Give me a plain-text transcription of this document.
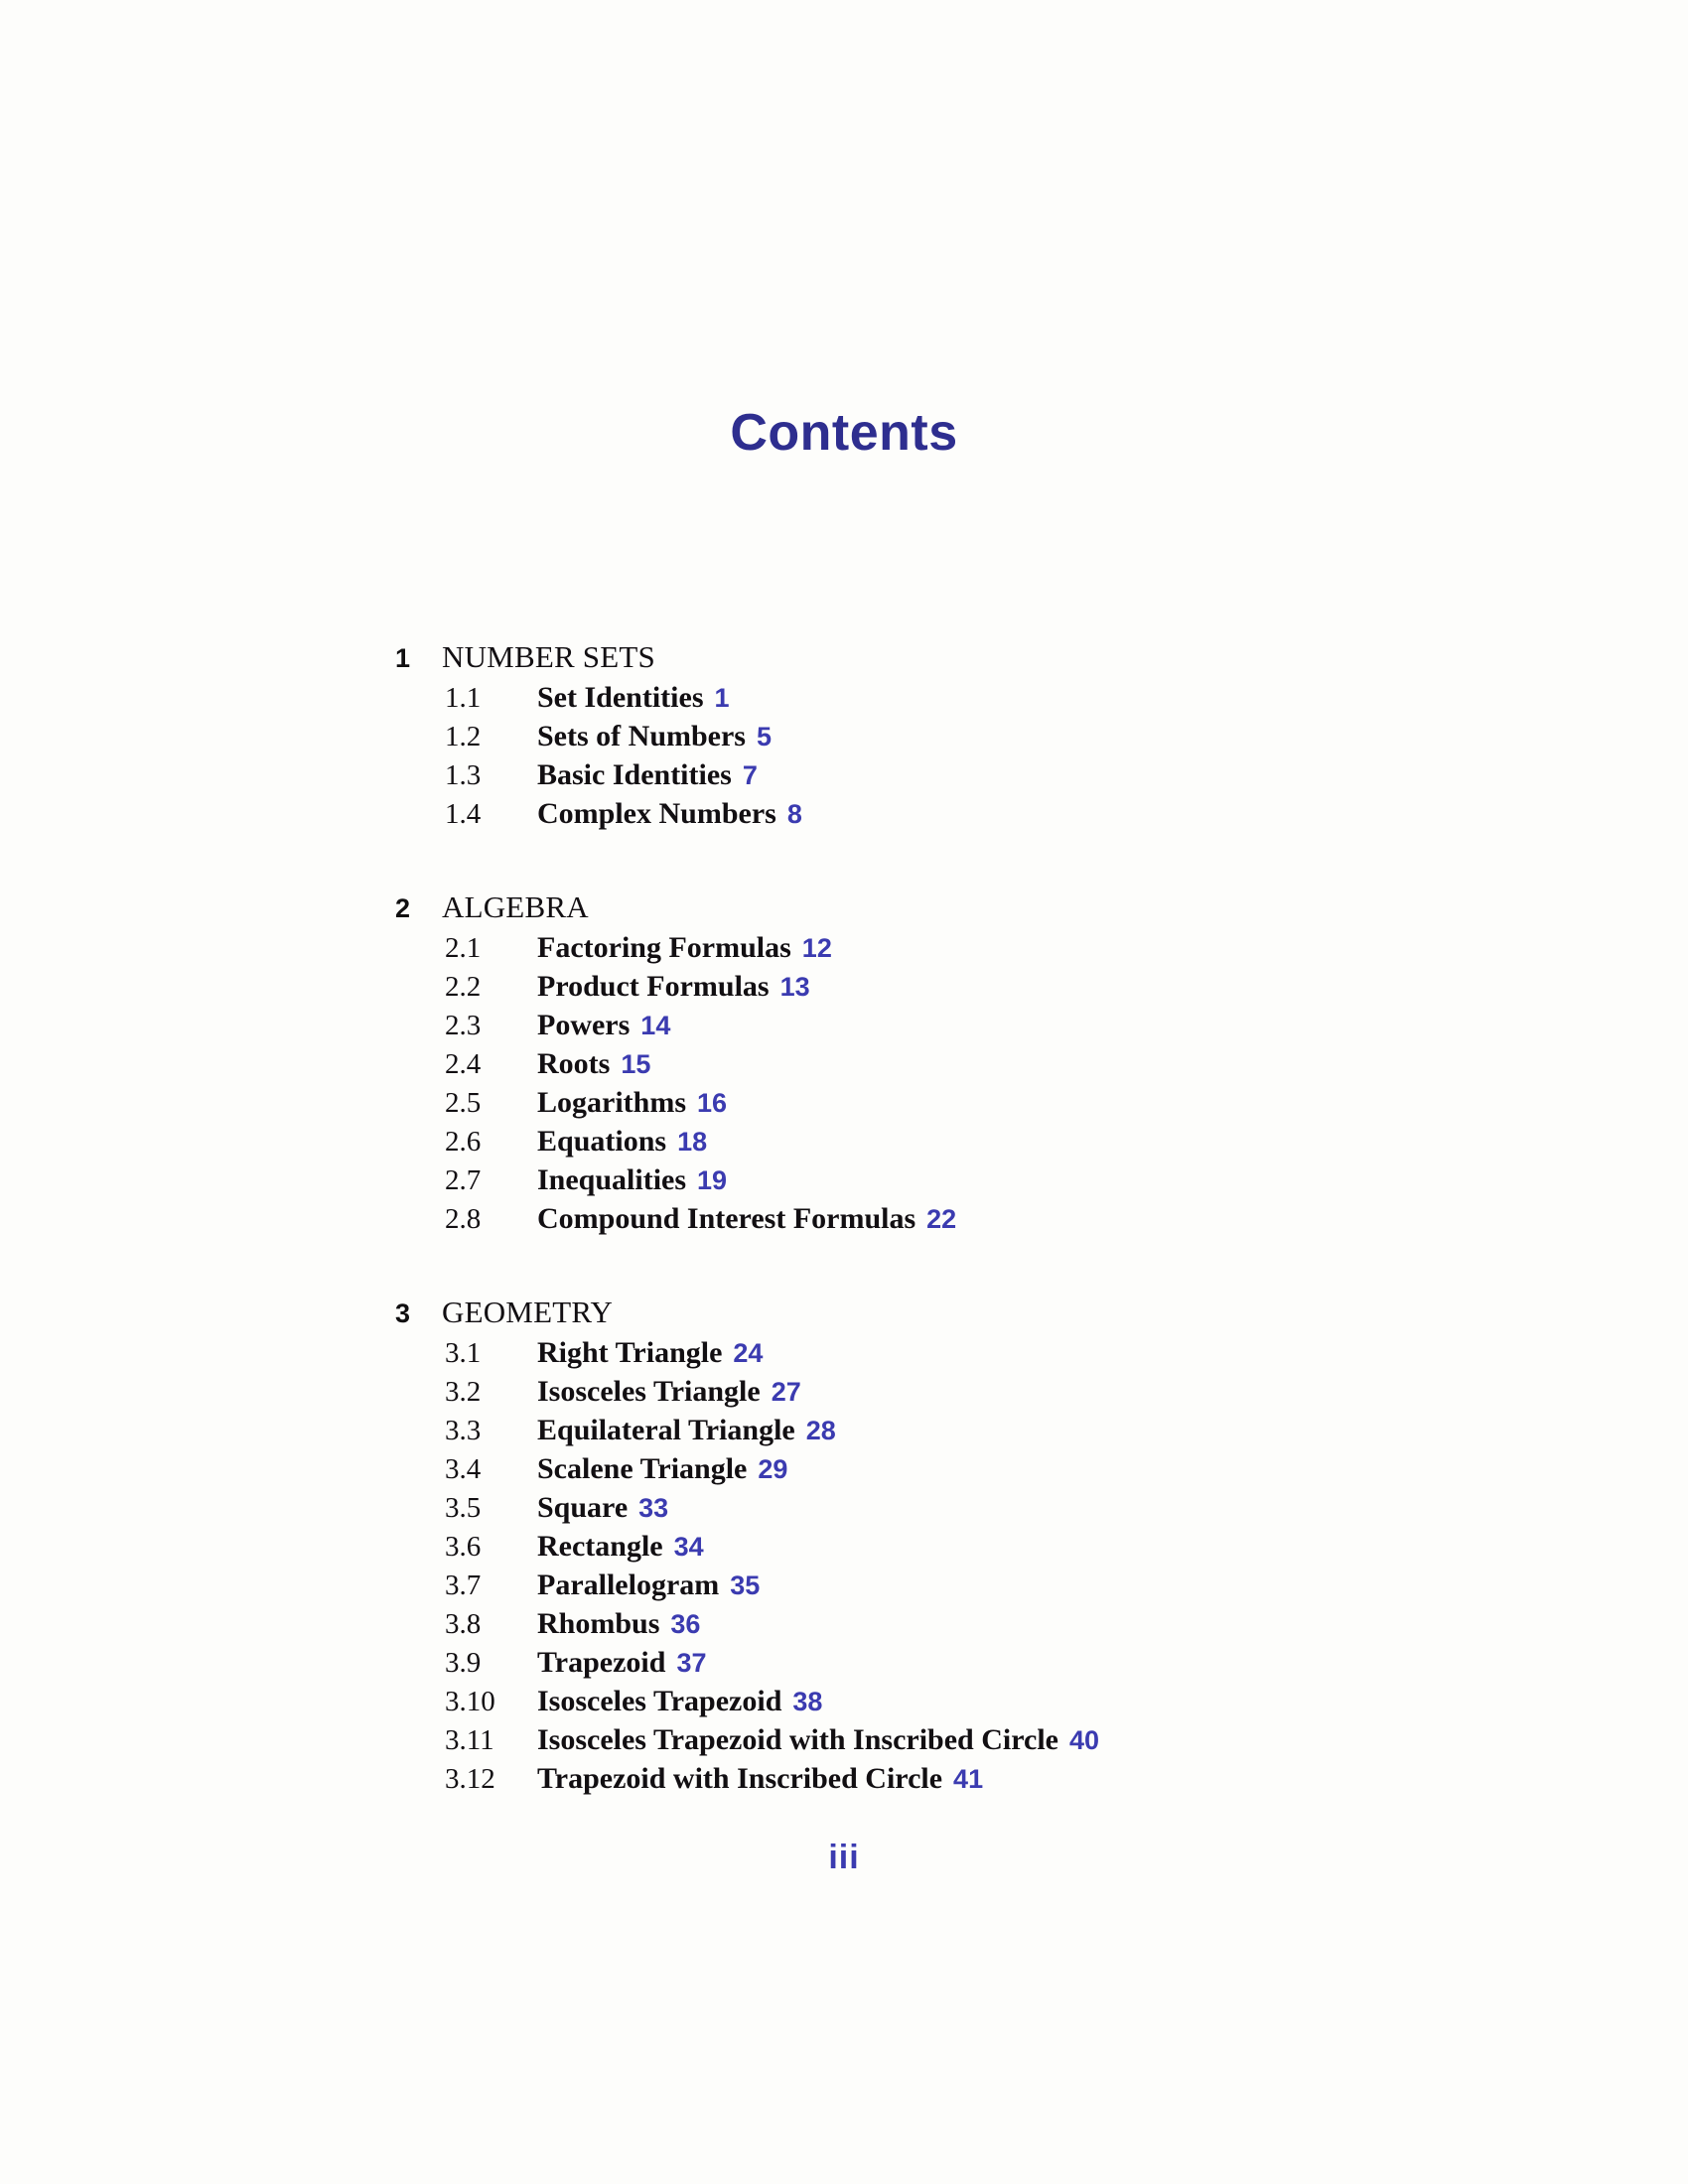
Contents
1	NUMBER SETS
1.1	Set Identities 1
1.2	Sets of Numbers 5
1.3	Basic Identities 7
1.4	Complex Numbers 8
2	ALGEBRA
2.1	Factoring Formulas 12
2.2	Product Formulas 13
2.3	Powers 14
2.4	Roots 15
2.5	Logarithms 16
2.6	Equations 18
2.7	Inequalities 19
2.8	Compound Interest Formulas 22
3	GEOMETRY
3.1	Right Triangle 24
3.2	Isosceles Triangle 27
3.3	Equilateral Triangle 28
3.4	Scalene Triangle 29
3.5	Square 33
3.6	Rectangle 34
3.7	Parallelogram 35
3.8	Rhombus 36
3.9	Trapezoid 37
3.10	Isosceles Trapezoid 38
3.11	Isosceles Trapezoid with Inscribed Circle 40
3.12	Trapezoid with Inscribed Circle 41
iii
